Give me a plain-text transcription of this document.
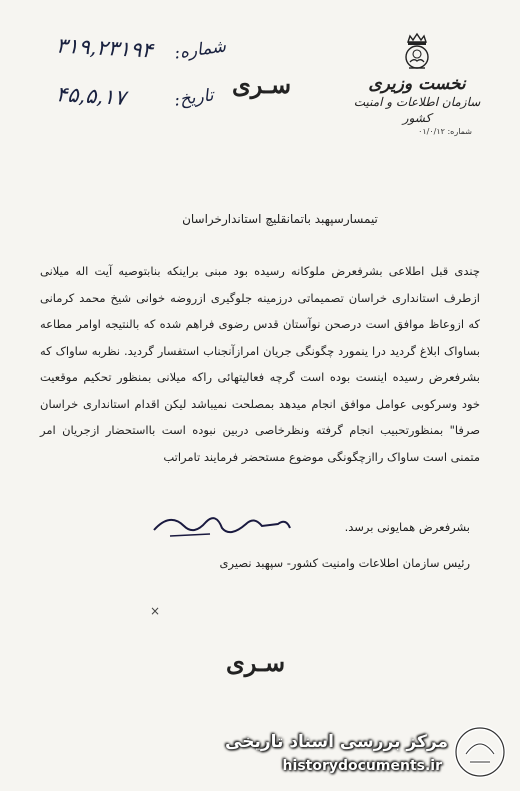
نخست وزیری
سازمان اطلاعات و امنیت کشور
شماره: ۰۱/۰/۱۲
سـری
۳۱۹,۲۳۱۹۴ شماره:
۴۵,۵,۱۷	تاریخ:
تیمسارسپهبد باتمانقلیچ استاندارخراسان

چندی قبل اطلاعی بشرفعرض ملوکانه رسیده بود مبنی براینکه بنابتوصیه آیت اله میلانی ازطرف استانداری خراسان تصمیماتی درزمینه جلوگیری ازروضه خوانی شیخ محمد کرمانی که ازوعاظ موافق است درصحن نوآستان قدس رضوی فراهم شده که بالنتیجه اوامر مطاعه بساواک ابلاغ گردید درا ینمورد چگونگی جریان امرازآنجناب استفسار گردید. نظربه ساواک که بشرفعرض رسیده اینست بوده است گرچه فعالیتهائی راکه میلانی بمنظور تحکیم موقعیت خود وسرکوبی عوامل موافق انجام میدهد بمصلحت نمیباشد لیکن اقدام استانداری خراسان صرفا" بمنظورتحبیب انجام گرفته ونظرخاصی دربین نبوده است بااستحضار ازجریان امر متمنی است ساواک راازچگونگی موضوع مستحضر فرمایند تامراتب

بشرفعرض همایونی برسد.
رئیس سازمان اطلاعات وامنیت کشور- سپهبد نصیری
×
سـری
مرکز بررسی اسناد تاریخی
historydocuments.ir
